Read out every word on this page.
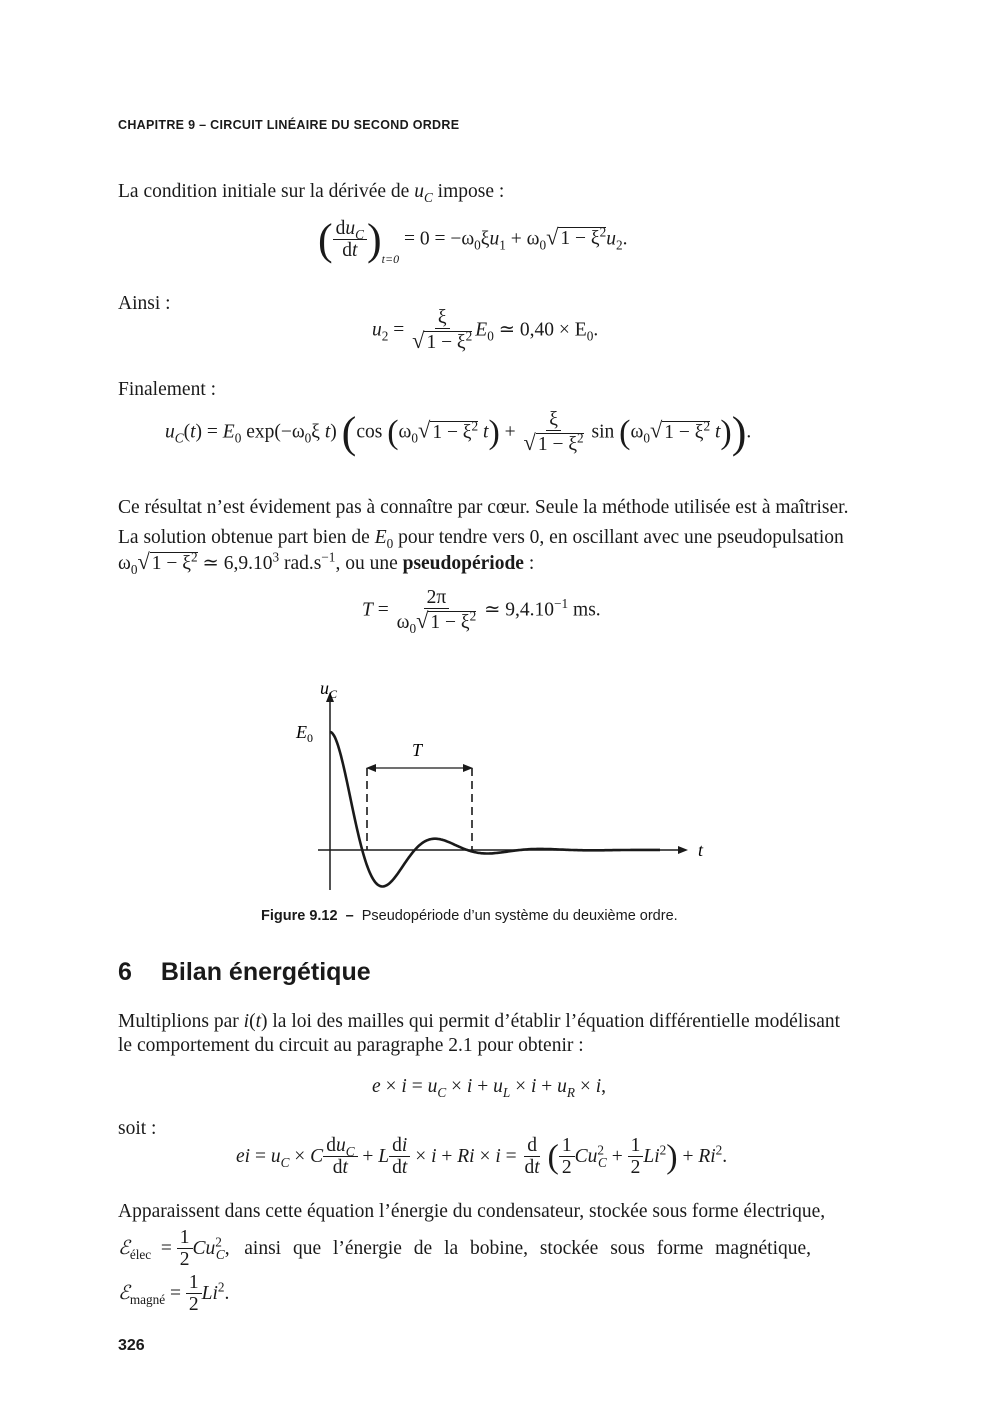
CHAPITRE 9 – CIRCUIT LINÉAIRE DU SECOND ORDRE
La condition initiale sur la dérivée de $u_C$ impose :
( $\frac{du_C}{dt} )_{t=0} = 0 = -\omega_0\xi u_1 + \omega_0√$ $1 - \xi^2u_2$.
Ainsi :
$u_2 = \frac{\xi}{√ 1 - \xi^2} E_0$ ≃ $0,40 \times E_0$.
Finalement :
$u_C(t) = E_0$ $\exp(-\omega_0\xi$ t) (cos ($\omega_0√$ $1 - \xi^2$ $t) + \frac{\xi}{√ 1 - \xi^2}$ $\sin (\omega_0√$ $1 - \xi^2$ t)).
Ce résultat n’est évidement pas à connaître par cœur. Seule la méthode utilisée est à maîtriser.
La solution obtenue part bien de $E_0$ pour tendre vers 0, en oscillant avec une pseudopulsation
$\omega_0√$ $1 - \xi^2$ ≃ 6,9.10$^3$ $rad.s^{-1}$, ou une pseudopériode :
$T = \frac{2\pi}{\omega_0√ 1 - \xi^2}$ ≃ $9,4.10^{-1}$ ms.
$u_C$
$E_0$
T
t
Figure 9.12 – Pseudopériode d’un système du deuxième ordre.
6 Bilan énergétique
Multiplions par i(t) la loi des mailles qui permit d’établir l’équation différentielle modélisant
le comportement du circuit au paragraphe 2.1 pour obtenir :
$e \times i = u_C \times i + u_L \times i + u_R \times i$,
soit :
ei = $u_C \times C \frac{du_C}{dt} + L \frac{di}{dt} \times i + Ri \times i = \frac{d}{dt}$ ( $\frac{1}{2} Cu^2_C + \frac{1}{2} Li^2) + Ri^2$.
Apparaissent dans cette équation l’énergie du condensateur, stockée sous forme électrique,
ℰ$_{élec}$  = $\frac{1}{2} Cu^2_C$,   ainsi que l’énergie de la bobine, stockée sous forme magnétique,
ℰ$_{magné}$ = $\frac{1}{2} Li^2$.
326
